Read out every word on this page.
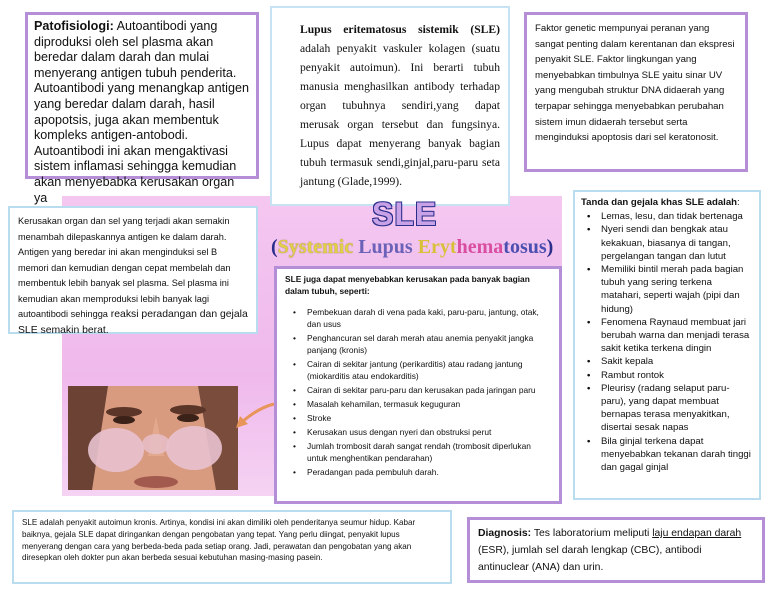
Patofisiologi: Autoantibodi yang diproduksi oleh sel plasma akan beredar dalam darah dan mulai menyerang antigen tubuh penderita. Autoantibodi yang menangkap antigen yang beredar dalam darah, hasil apopotsis, juga akan membentuk kompleks antigen-antobodi. Autoantibodi ini akan mengaktivasi sistem inflamasi sehingga kemudian akan menyebabka kerusakan organ ya
Lupus eritematosus sistemik (SLE) adalah penyakit vaskuler kolagen (suatu penyakit autoimun). Ini berarti tubuh manusia menghasilkan antibody terhadap organ tubuhnya sendiri,yang dapat merusak organ tersebut dan fungsinya. Lupus dapat menyerang banyak bagian tubuh termasuk sendi,ginjal,paru-paru seta jantung (Glade,1999).
Faktor genetic mempunyai peranan yang sangat penting dalam kerentanan dan ekspresi penyakit SLE. Faktor lingkungan yang menyebabkan timbulnya SLE yaitu sinar UV yang mengubah struktur DNA didaerah yang terpapar sehingga menyebabkan perubahan sistem imun didaerah tersebut serta menginduksi apoptosis dari sel keratonosit.
Kerusakan organ dan sel yang terjadi akan semakin menambah dilepaskannya antigen ke dalam darah. Antigen yang beredar ini akan menginduksi sel B memori dan kemudian dengan cepat membelah dan membentuk lebih banyak sel plasma. Sel plasma ini kemudian akan memproduksi lebih banyak lagi autoantibodi sehingga reaksi peradangan dan gejala SLE semakin berat.
SLE
(Systemic Lupus Erythematosus)
SLE juga dapat menyebabkan kerusakan pada banyak bagian dalam tubuh, seperti:
• Pembekuan darah di vena pada kaki, paru-paru, jantung, otak, dan usus
• Penghancuran sel darah merah atau anemia penyakit jangka panjang (kronis)
• Cairan di sekitar jantung (perikarditis) atau radang jantung (miokarditis atau endokarditis)
• Cairan di sekitar paru-paru dan kerusakan pada jaringan paru
• Masalah kehamilan, termasuk keguguran
• Stroke
• Kerusakan usus dengan nyeri dan obstruksi perut
• Jumlah trombosit darah sangat rendah (trombosit diperlukan untuk menghentikan pendarahan)
• Peradangan pada pembuluh darah.
Tanda dan gejala khas SLE adalah:
• Lemas, lesu, dan tidak bertenaga
• Nyeri sendi dan bengkak atau kekakuan, biasanya di tangan, pergelangan tangan dan lutut
• Memiliki bintil merah pada bagian tubuh yang sering terkena matahari, seperti wajah (pipi dan hidung)
• Fenomena Raynaud membuat jari berubah warna dan menjadi terasa sakit ketika terkena dingin
• Sakit kepala
• Rambut rontok
• Pleurisy (radang selaput paru-paru), yang dapat membuat bernapas terasa menyakitkan, disertai sesak napas
• Bila ginjal terkena dapat menyebabkan tekanan darah tinggi dan gagal ginjal
SLE adalah penyakit autoimun kronis. Artinya, kondisi ini akan dimiliki oleh penderitanya seumur hidup. Kabar baiknya, gejala SLE dapat diringankan dengan pengobatan yang tepat. Yang perlu diingat, penyakit lupus menyerang dengan cara yang berbeda-beda pada setiap orang. Jadi, perawatan dan pengobatan yang akan diresepkan oleh dokter pun akan berbeda sesuai kebutuhan masing-masing pasein.
Diagnosis: Tes laboratorium meliputi laju endapan darah (ESR), jumlah sel darah lengkap (CBC), antibodi antinuclear (ANA) dan urin.
